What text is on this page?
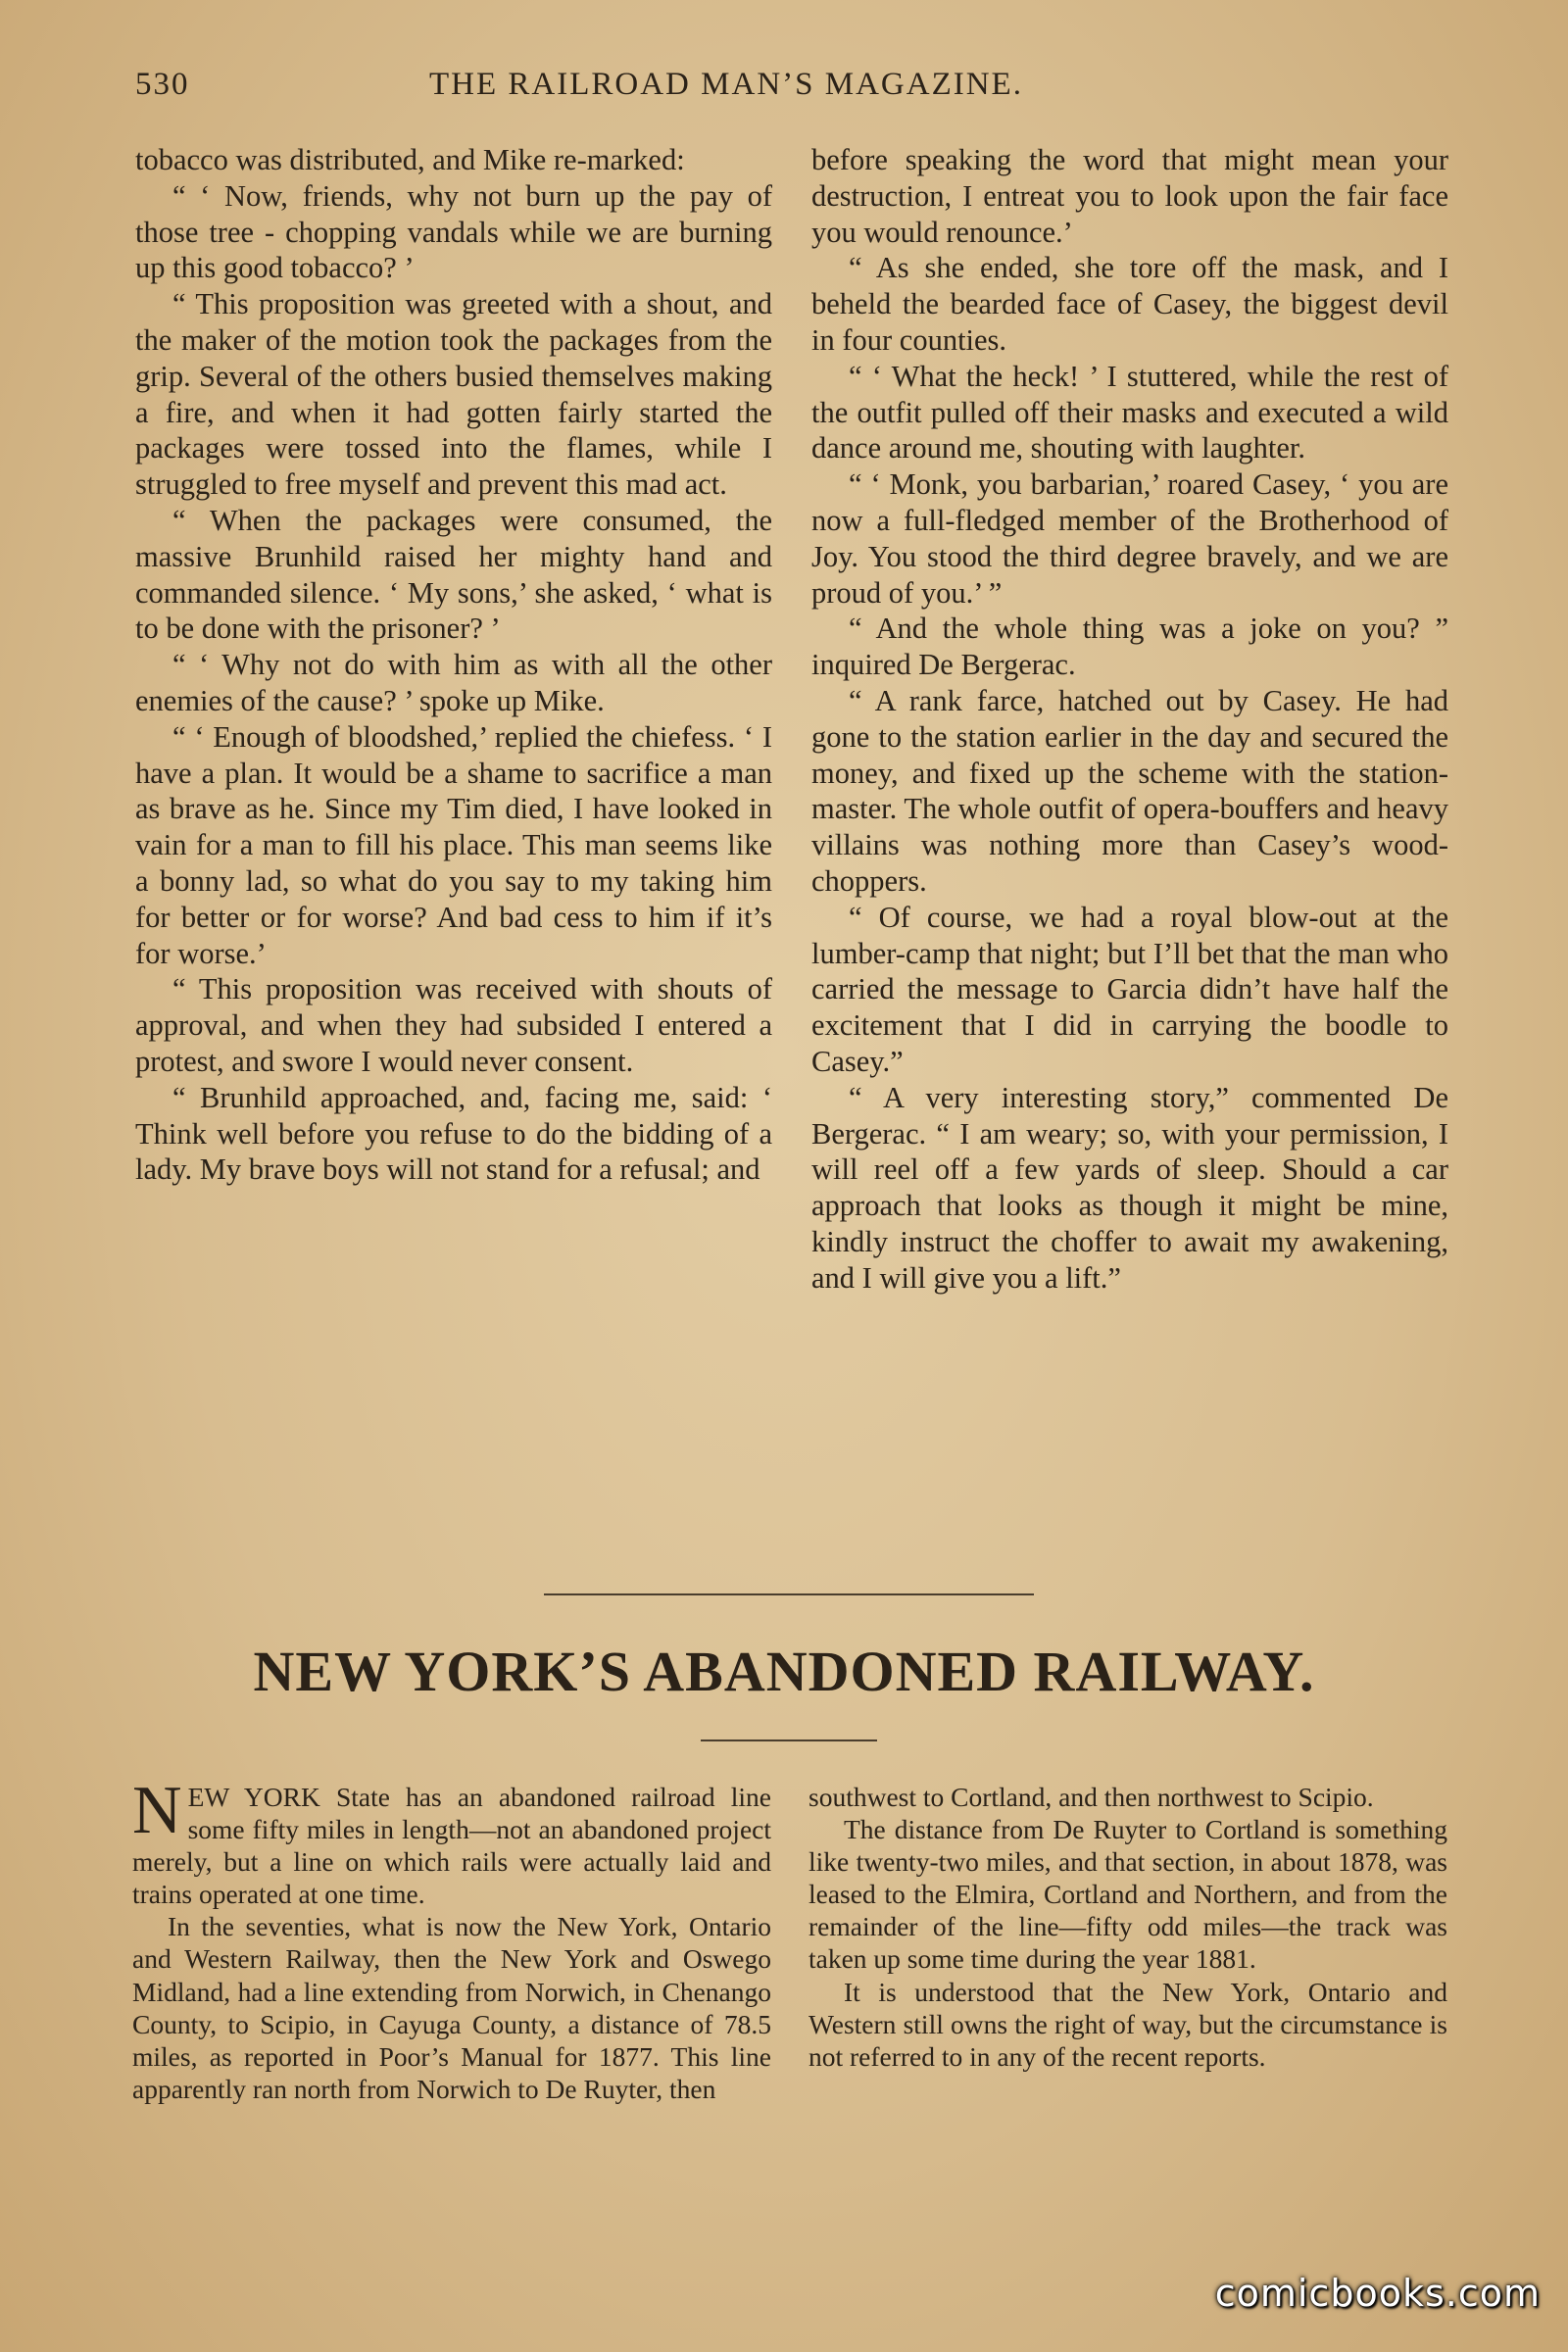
530	THE RAILROAD MAN’S MAGAZINE.

tobacco was distributed, and Mike re-marked:

“ ‘ Now, friends, why not burn up the pay of those tree - chopping vandals while we are burning up this good tobacco? ’

“ This proposition was greeted with a shout, and the maker of the motion took the packages from the grip. Several of the others busied themselves making a fire, and when it had gotten fairly started the packages were tossed into the flames, while I struggled to free myself and prevent this mad act.

“ When the packages were consumed, the massive Brunhild raised her mighty hand and commanded silence. ‘ My sons,’ she asked, ‘ what is to be done with the prisoner? ’

“ ‘ Why not do with him as with all the other enemies of the cause? ’ spoke up Mike.

“ ‘ Enough of bloodshed,’ replied the chiefess. ‘ I have a plan. It would be a shame to sacrifice a man as brave as he. Since my Tim died, I have looked in vain for a man to fill his place. This man seems like a bonny lad, so what do you say to my taking him for better or for worse? And bad cess to him if it’s for worse.’

“ This proposition was received with shouts of approval, and when they had subsided I entered a protest, and swore I would never consent.

“ Brunhild approached, and, facing me, said: ‘ Think well before you refuse to do the bidding of a lady. My brave boys will not stand for a refusal; and

before speaking the word that might mean your destruction, I entreat you to look upon the fair face you would renounce.’

“ As she ended, she tore off the mask, and I beheld the bearded face of Casey, the biggest devil in four counties.

“ ‘ What the heck! ’ I stuttered, while the rest of the outfit pulled off their masks and executed a wild dance around me, shouting with laughter.

“ ‘ Monk, you barbarian,’ roared Casey, ‘ you are now a full-fledged member of the Brotherhood of Joy. You stood the third degree bravely, and we are proud of you.’ ”

“ And the whole thing was a joke on you? ” inquired De Bergerac.

“ A rank farce, hatched out by Casey. He had gone to the station earlier in the day and secured the money, and fixed up the scheme with the station-master. The whole outfit of opera-bouffers and heavy villains was nothing more than Casey’s wood-choppers.

“ Of course, we had a royal blow-out at the lumber-camp that night; but I’ll bet that the man who carried the message to Garcia didn’t have half the excitement that I did in carrying the boodle to Casey.”

“ A very interesting story,” commented De Bergerac. “ I am weary; so, with your permission, I will reel off a few yards of sleep. Should a car approach that looks as though it might be mine, kindly instruct the choffer to await my awakening, and I will give you a lift.”

NEW YORK’S ABANDONED RAILWAY.

NEW YORK State has an abandoned railroad line some fifty miles in length—not an abandoned project merely, but a line on which rails were actually laid and trains operated at one time.

In the seventies, what is now the New York, Ontario and Western Railway, then the New York and Oswego Midland, had a line extending from Norwich, in Chenango County, to Scipio, in Cayuga County, a distance of 78.5 miles, as reported in Poor’s Manual for 1877. This line apparently ran north from Norwich to De Ruyter, then

southwest to Cortland, and then northwest to Scipio.

The distance from De Ruyter to Cortland is something like twenty-two miles, and that section, in about 1878, was leased to the Elmira, Cortland and Northern, and from the remainder of the line—fifty odd miles—the track was taken up some time during the year 1881.

It is understood that the New York, Ontario and Western still owns the right of way, but the circumstance is not referred to in any of the recent reports.

comicbooks.com
